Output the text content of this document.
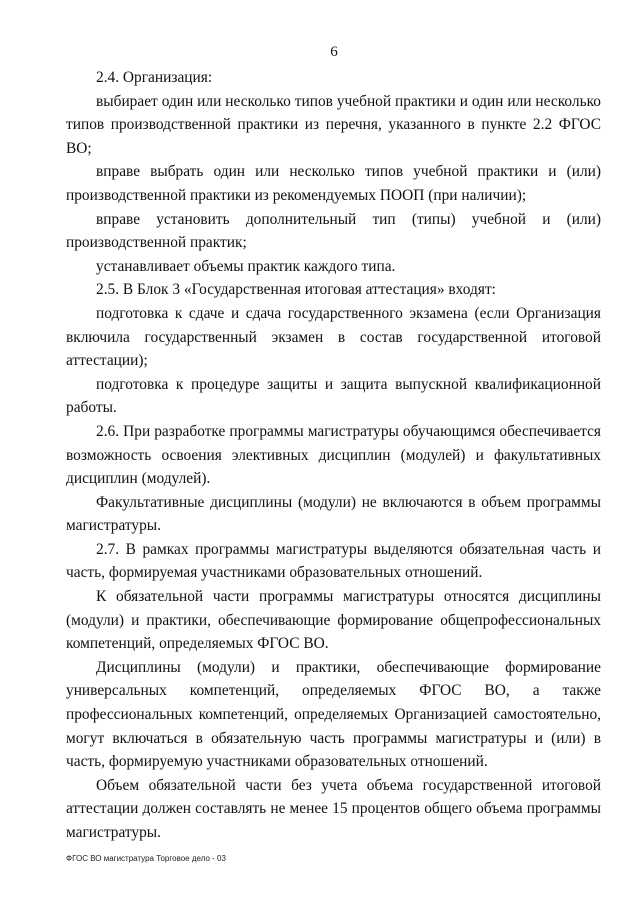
6

2.4. Организация:

выбирает один или несколько типов учебной практики и один или несколько типов производственной практики из перечня, указанного в пункте 2.2 ФГОС ВО;

вправе выбрать один или несколько типов учебной практики и (или) производственной практики из рекомендуемых ПООП (при наличии);

вправе установить дополнительный тип (типы) учебной и (или) производственной практик;

устанавливает объемы практик каждого типа.

2.5. В Блок 3 «Государственная итоговая аттестация» входят:

подготовка к сдаче и сдача государственного экзамена (если Организация включила государственный экзамен в состав государственной итоговой аттестации);

подготовка к процедуре защиты и защита выпускной квалификационной работы.

2.6. При разработке программы магистратуры обучающимся обеспечивается возможность освоения элективных дисциплин (модулей) и факультативных дисциплин (модулей).

Факультативные дисциплины (модули) не включаются в объем программы магистратуры.

2.7. В рамках программы магистратуры выделяются обязательная часть и часть, формируемая участниками образовательных отношений.

К обязательной части программы магистратуры относятся дисциплины (модули) и практики, обеспечивающие формирование общепрофессиональных компетенций, определяемых ФГОС ВО.

Дисциплины (модули) и практики, обеспечивающие формирование универсальных компетенций, определяемых ФГОС ВО, а также профессиональных компетенций, определяемых Организацией самостоятельно, могут включаться в обязательную часть программы магистратуры и (или) в часть, формируемую участниками образовательных отношений.

Объем обязательной части без учета объема государственной итоговой аттестации должен составлять не менее 15 процентов общего объема программы магистратуры.

ФГОС ВО магистратура Торговое дело - 03
